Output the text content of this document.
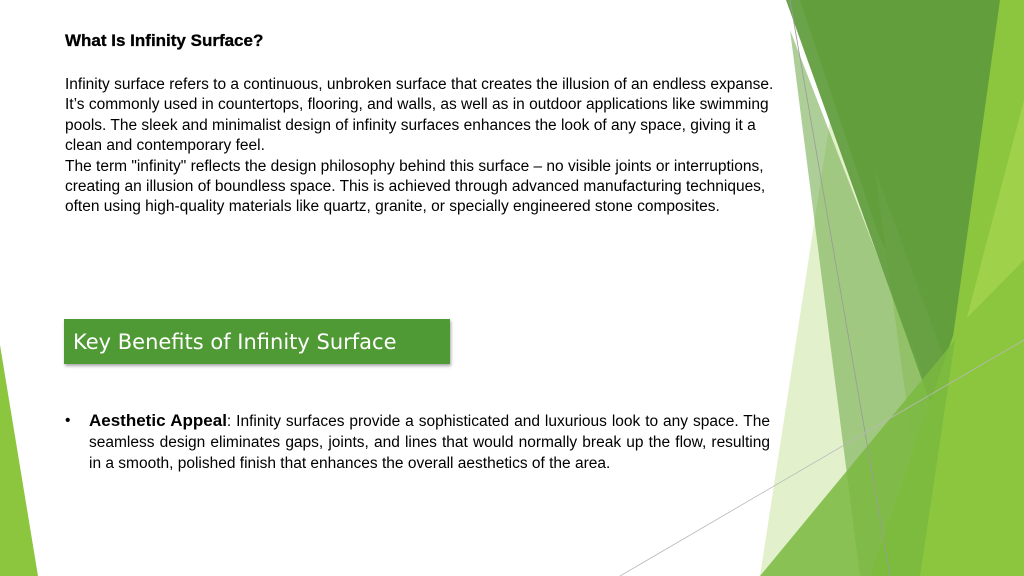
What Is Infinity Surface?

Infinity surface refers to a continuous, unbroken surface that creates the illusion of an endless expanse. It’s commonly used in countertops, flooring, and walls, as well as in outdoor applications like swimming pools. The sleek and minimalist design of infinity surfaces enhances the look of any space, giving it a clean and contemporary feel.

The term "infinity" reflects the design philosophy behind this surface – no visible joints or interruptions, creating an illusion of boundless space. This is achieved through advanced manufacturing techniques, often using high-quality materials like quartz, granite, or specially engineered stone composites.

Key Benefits of Infinity Surface
• Aesthetic Appeal: Infinity surfaces provide a sophisticated and luxurious look to any space. The seamless design eliminates gaps, joints, and lines that would normally break up the flow, resulting in a smooth, polished finish that enhances the overall aesthetics of the area.
